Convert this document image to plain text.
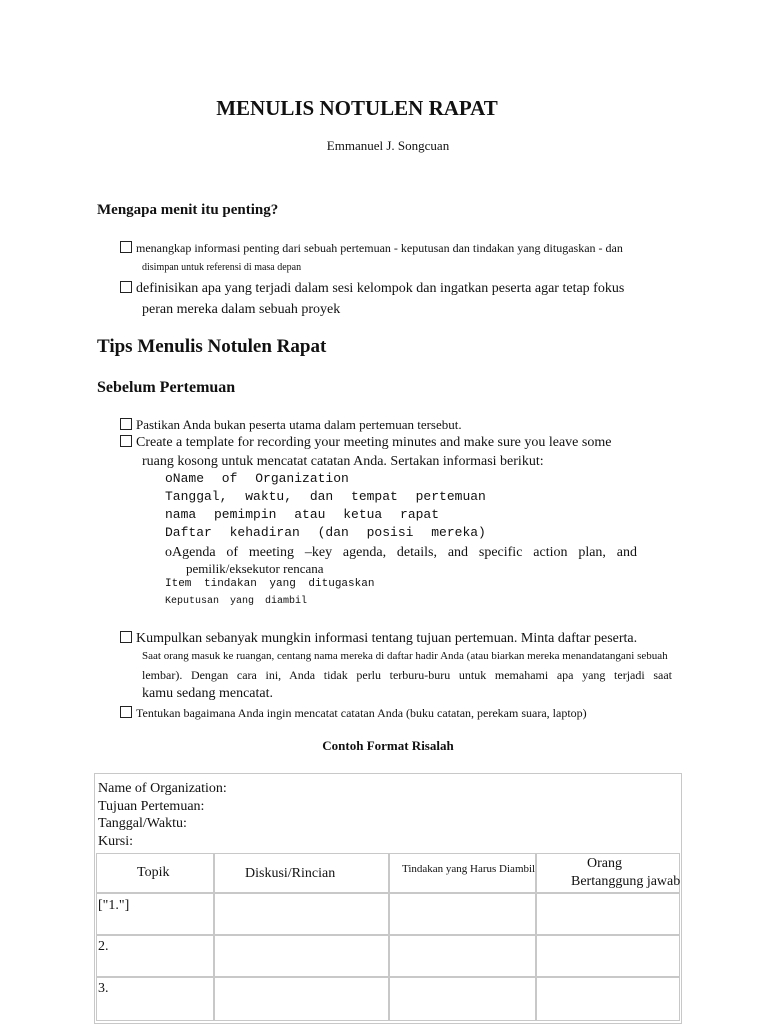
MENULIS NOTULEN RAPAT
Emmanuel J. Songcuan
Mengapa menit itu penting?
menangkap informasi penting dari sebuah pertemuan - keputusan dan tindakan yang ditugaskan - dan
disimpan untuk referensi di masa depan
definisikan apa yang terjadi dalam sesi kelompok dan ingatkan peserta agar tetap fokus
peran mereka dalam sebuah proyek
Tips Menulis Notulen Rapat
Sebelum Pertemuan
Pastikan Anda bukan peserta utama dalam pertemuan tersebut.
Create a template for recording your meeting minutes and make sure you leave some
ruang kosong untuk mencatat catatan Anda. Sertakan informasi berikut:
oName of Organization
Tanggal, waktu, dan tempat pertemuan
nama pemimpin atau ketua rapat
Daftar kehadiran (dan posisi mereka)
oAgenda of meeting –key agenda, details, and specific action plan, and
pemilik/eksekutor rencana
Item tindakan yang ditugaskan
Keputusan yang diambil
Kumpulkan sebanyak mungkin informasi tentang tujuan pertemuan. Minta daftar peserta.
Saat orang masuk ke ruangan, centang nama mereka di daftar hadir Anda (atau biarkan mereka menandatangani sebuah
lembar). Dengan cara ini, Anda tidak perlu terburu-buru untuk memahami apa yang terjadi saat
kamu sedang mencatat.
Tentukan bagaimana Anda ingin mencatat catatan Anda (buku catatan, perekam suara, laptop)
Contoh Format Risalah
Name of Organization:
Tujuan Pertemuan:
Tanggal/Waktu:
Kursi:
Topik	Diskusi/Rincian	Tindakan yang Harus Diambil	Orang
Bertanggung jawab
["1."]
2.
3.
